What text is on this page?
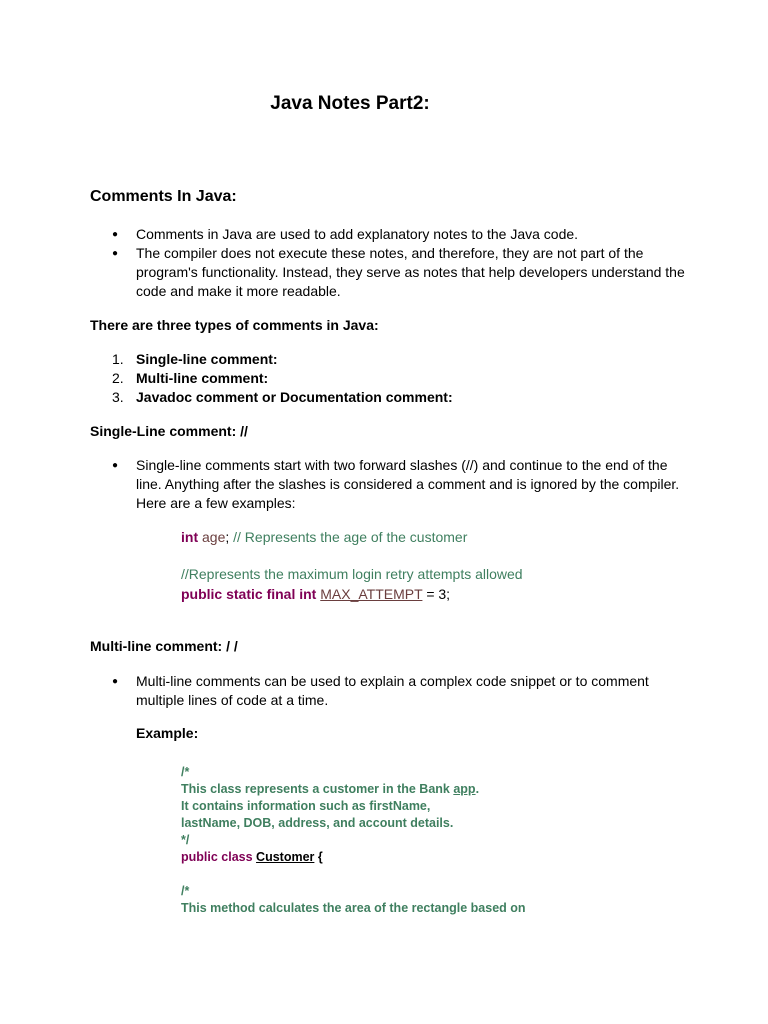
Java Notes Part2:
Comments In Java:
● Comments in Java are used to add explanatory notes to the Java code.
● The compiler does not execute these notes, and therefore, they are not part of the program's functionality. Instead, they serve as notes that help developers understand the code and make it more readable.

There are three types of comments in Java:

1. Single-line comment:
2. Multi-line comment:
3. Javadoc comment or Documentation comment:

Single-Line comment: //

● Single-line comments start with two forward slashes (//) and continue to the end of the line. Anything after the slashes is considered a comment and is ignored by the compiler. Here are a few examples:

int age; // Represents the age of the customer

//Represents the maximum login retry attempts allowed

public static final int MAX_ATTEMPT = 3;

Multi-line comment: / /

● Multi-line comments can be used to explain a complex code snippet or to comment multiple lines of code at a time.

Example:

/*
This class represents a customer in the Bank app.
It contains information such as firstName,
lastName, DOB, address, and account details.
*/
public class Customer {
/*
This method calculates the area of the rectangle based on
